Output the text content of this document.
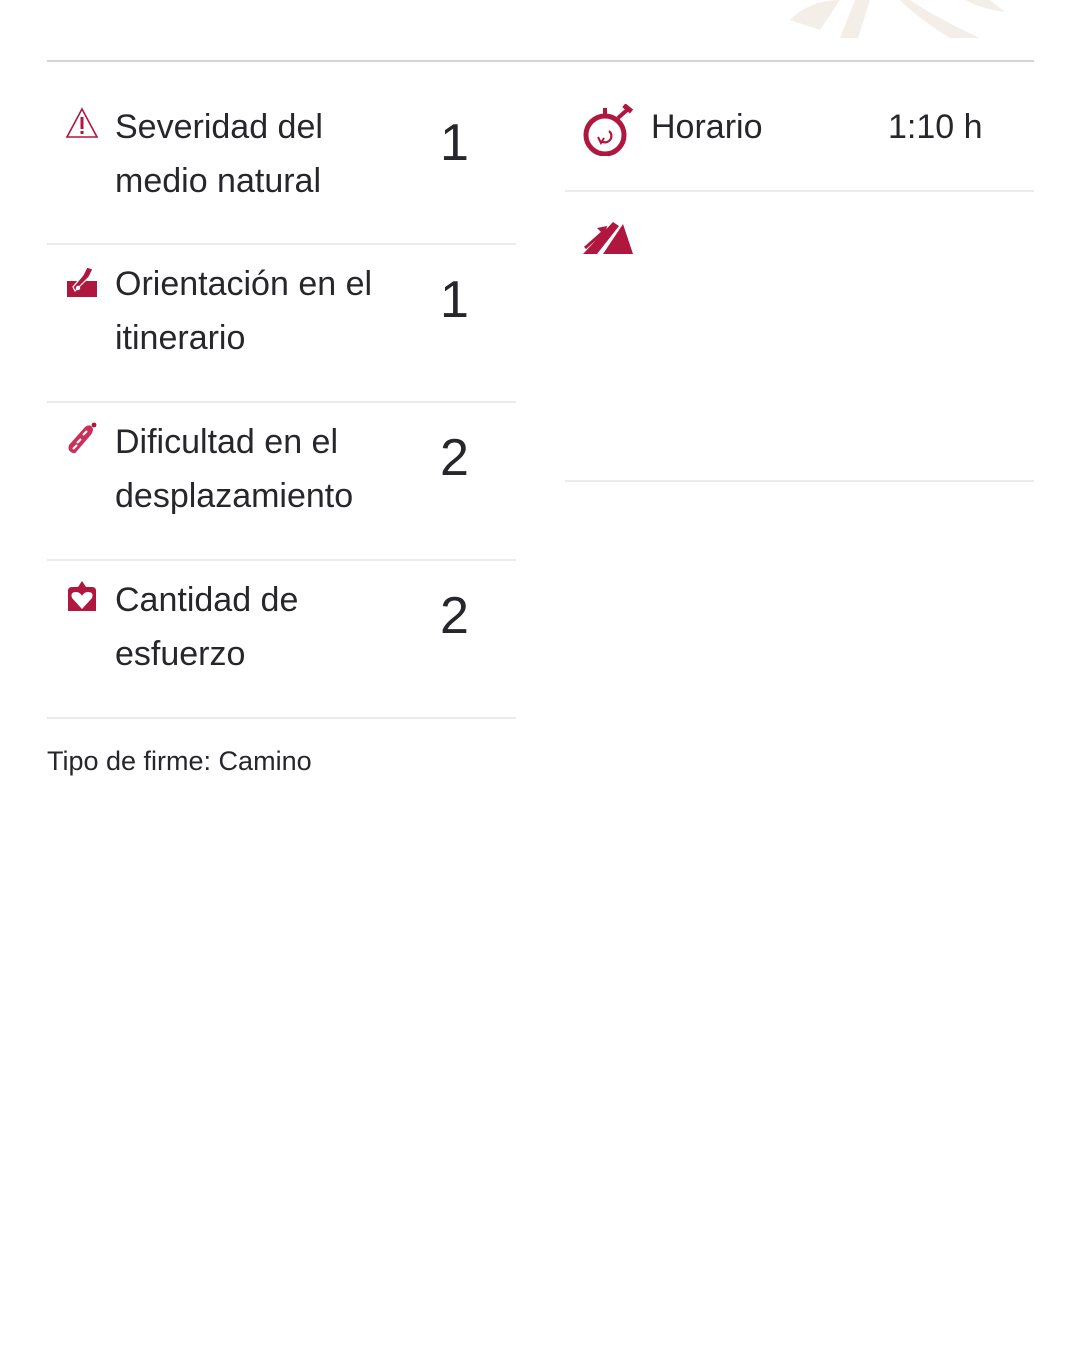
Severidad del
medio natural
1
Orientación en el
itinerario
1
Dificultad en el
desplazamiento
2
Cantidad de
esfuerzo
2
Tipo de firme: Camino
Horario	1:10 h
